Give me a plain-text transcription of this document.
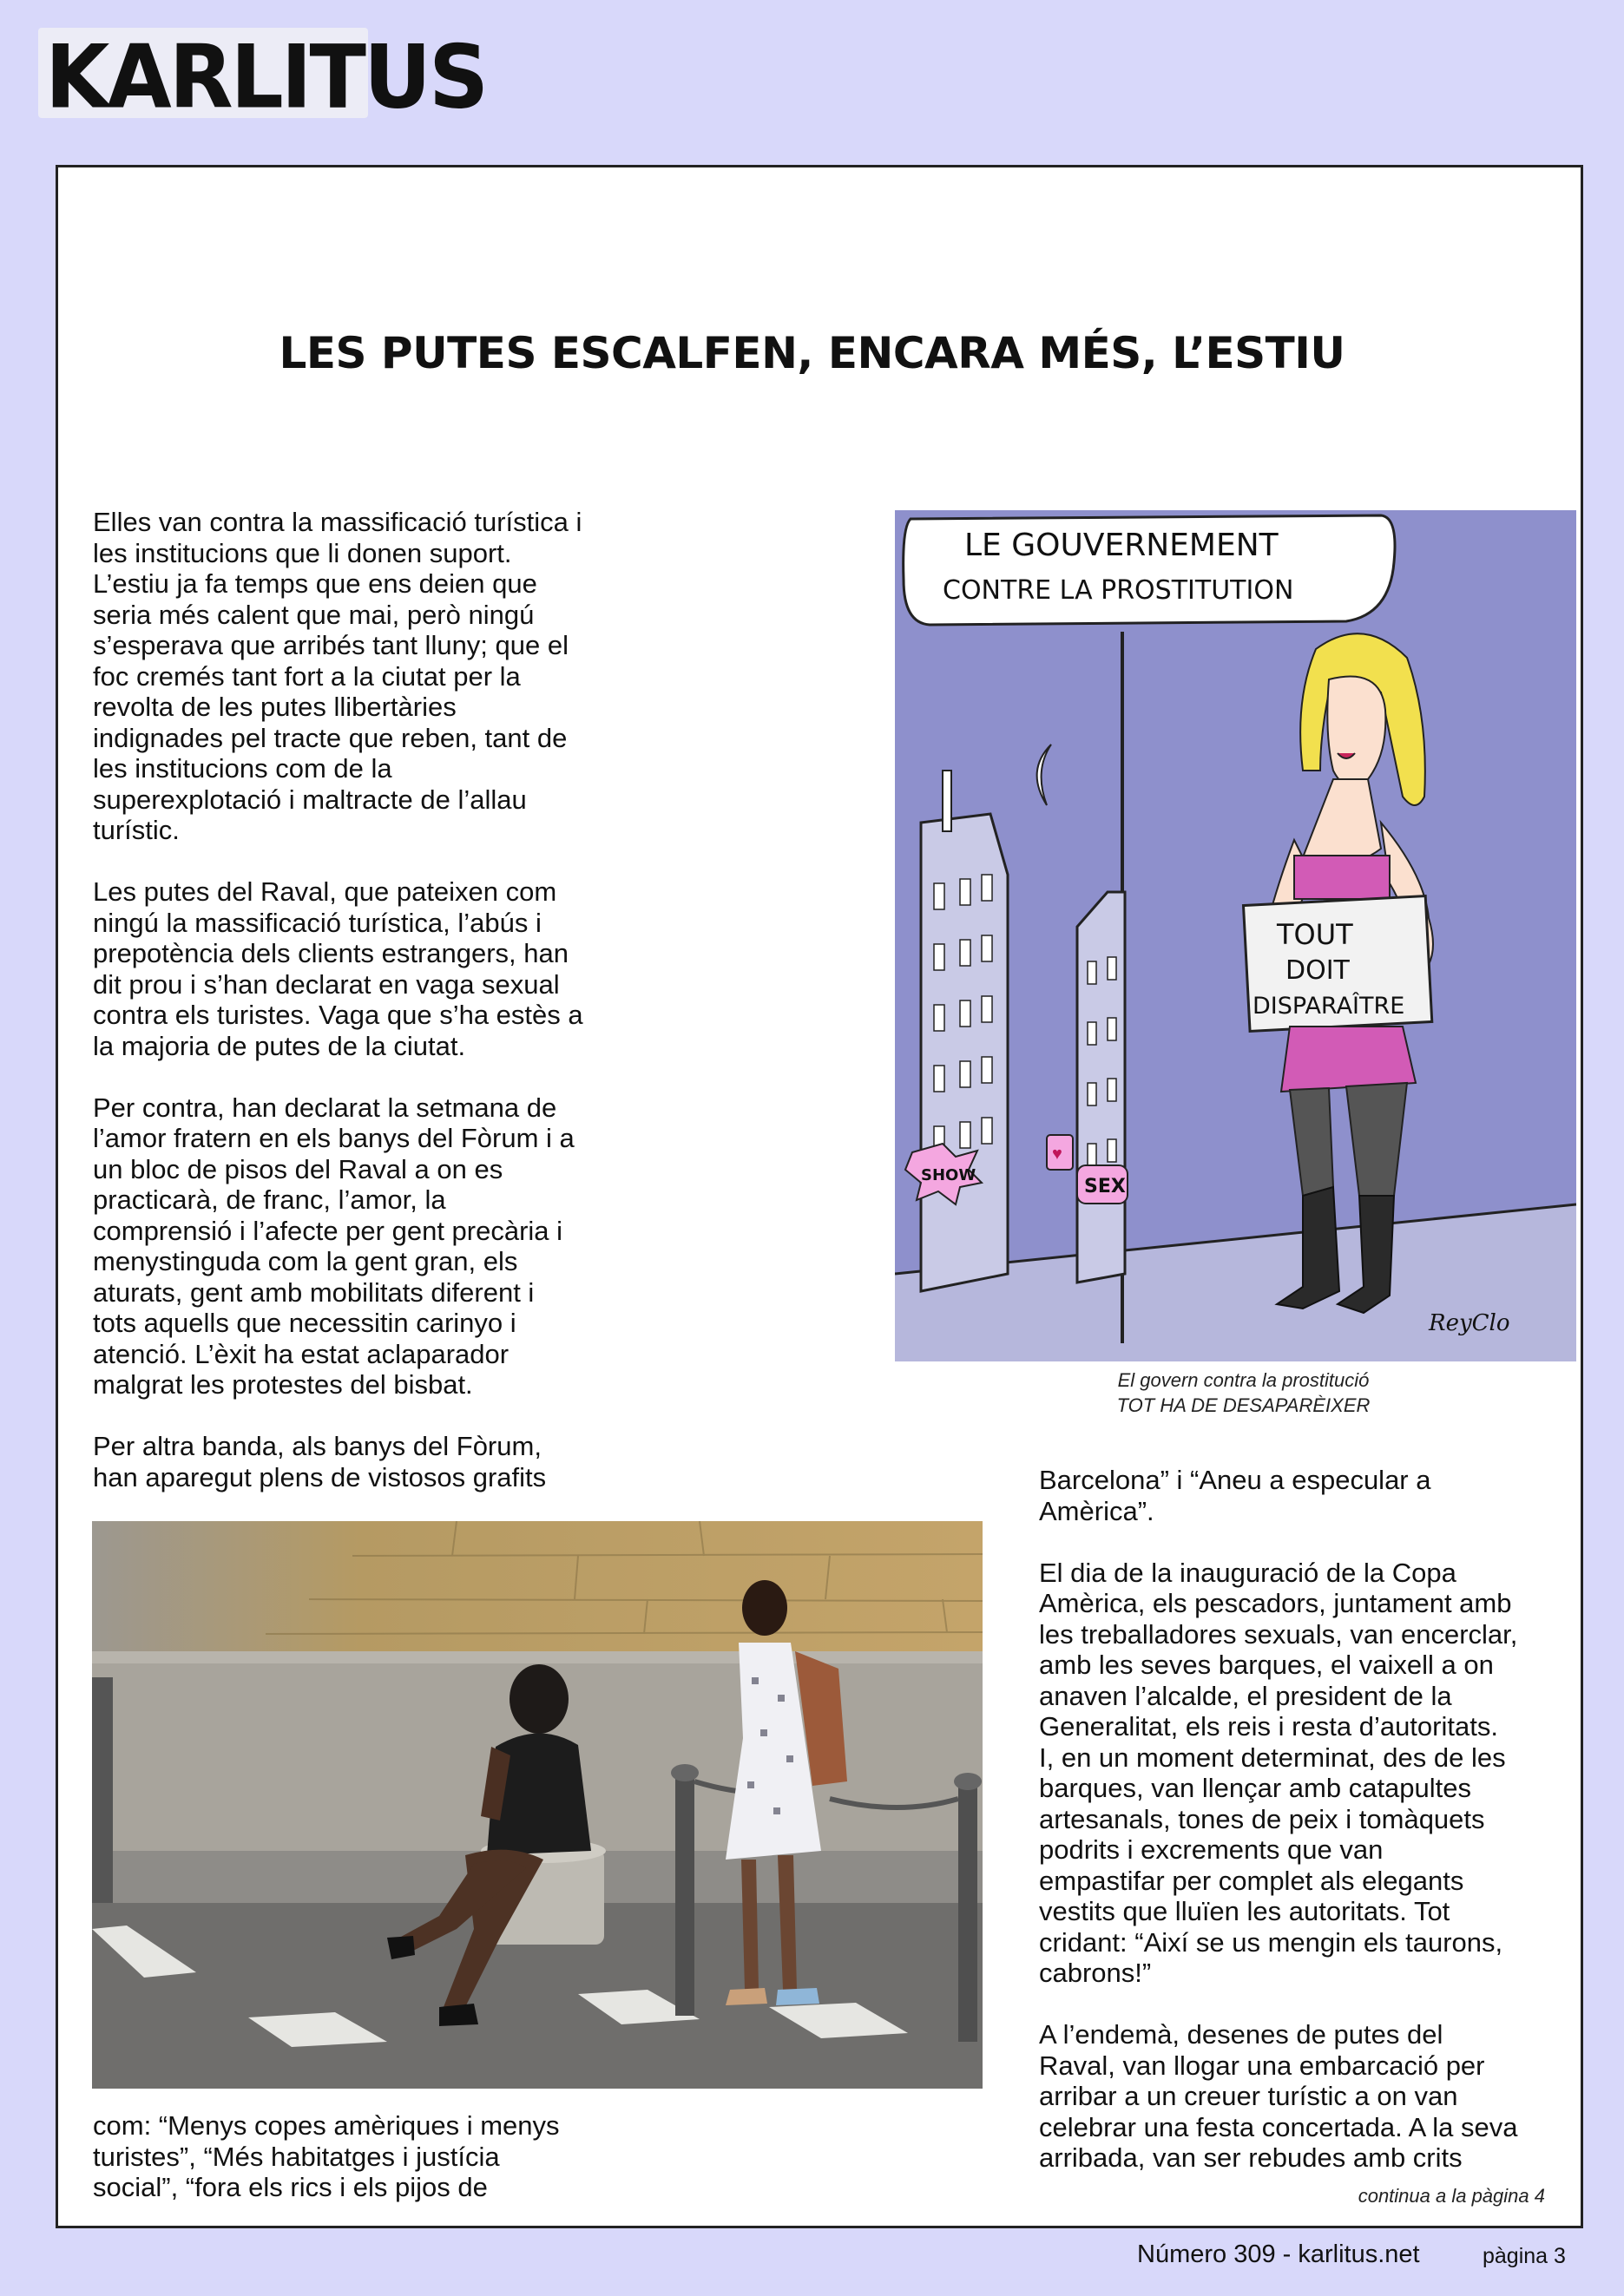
KARLITUS
LES PUTES ESCALFEN, ENCARA MÉS, L’ESTIU

Elles van contra la massificació turística i
les institucions que li donen suport.
L’estiu ja fa temps que ens deien que
seria més calent que mai, però ningú
s’esperava que arribés tant lluny; que el
foc cremés tant fort a la ciutat per la
revolta de les putes llibertàries
indignades pel tracte que reben, tant de
les institucions com de la
superexplotació i maltracte de l’allau
turístic.

Les putes del Raval, que pateixen com
ningú la massificació turística, l’abús i
prepotència dels clients estrangers, han
dit prou i s’han declarat en vaga sexual
contra els turistes. Vaga que s’ha estès a
la majoria de putes de la ciutat.

Per contra, han declarat la setmana de
l’amor fratern en els banys del Fòrum i a
un bloc de pisos del Raval a on es
practicarà, de franc, l’amor, la
comprensió i l’afecte per gent precària i
menystinguda com la gent gran, els
aturats, gent amb mobilitats diferent i
tots aquells que necessitin carinyo i
atenció. L’èxit ha estat aclaparador
malgrat les protestes del bisbat.

Per altra banda, als banys del Fòrum,
han aparegut plens de vistosos grafits

LE GOUVERNEMENT
CONTRE LA PROSTITUTION
SHOW
♥
SEX
TOUT
DOIT
DISPARAÎTRE
ReyClo
El govern contra la prostitució
TOT HA DE DESAPARÈIXER

com: “Menys copes amèriques i menys
turistes”, “Més habitatges i justícia
social”, “fora els rics i els pijos de

Barcelona” i “Aneu a especular a
Amèrica”.

El dia de la inauguració de la Copa
Amèrica, els pescadors, juntament amb
les treballadores sexuals, van encerclar,
amb les seves barques, el vaixell a on
anaven l’alcalde, el president de la
Generalitat, els reis i resta d’autoritats.
I, en un moment determinat, des de les
barques, van llençar amb catapultes
artesanals, tones de peix i tomàquets
podrits i excrements que van
empastifar per complet als elegants
vestits que lluïen les autoritats. Tot
cridant: “Així se us mengin els taurons,
cabrons!”

A l’endemà, desenes de putes del
Raval, van llogar una embarcació per
arribar a un creuer turístic a on van
celebrar una festa concertada. A la seva
arribada, van ser rebudes amb crits

continua a la pàgina 4
Número 309 - karlitus.net	pàgina 3
